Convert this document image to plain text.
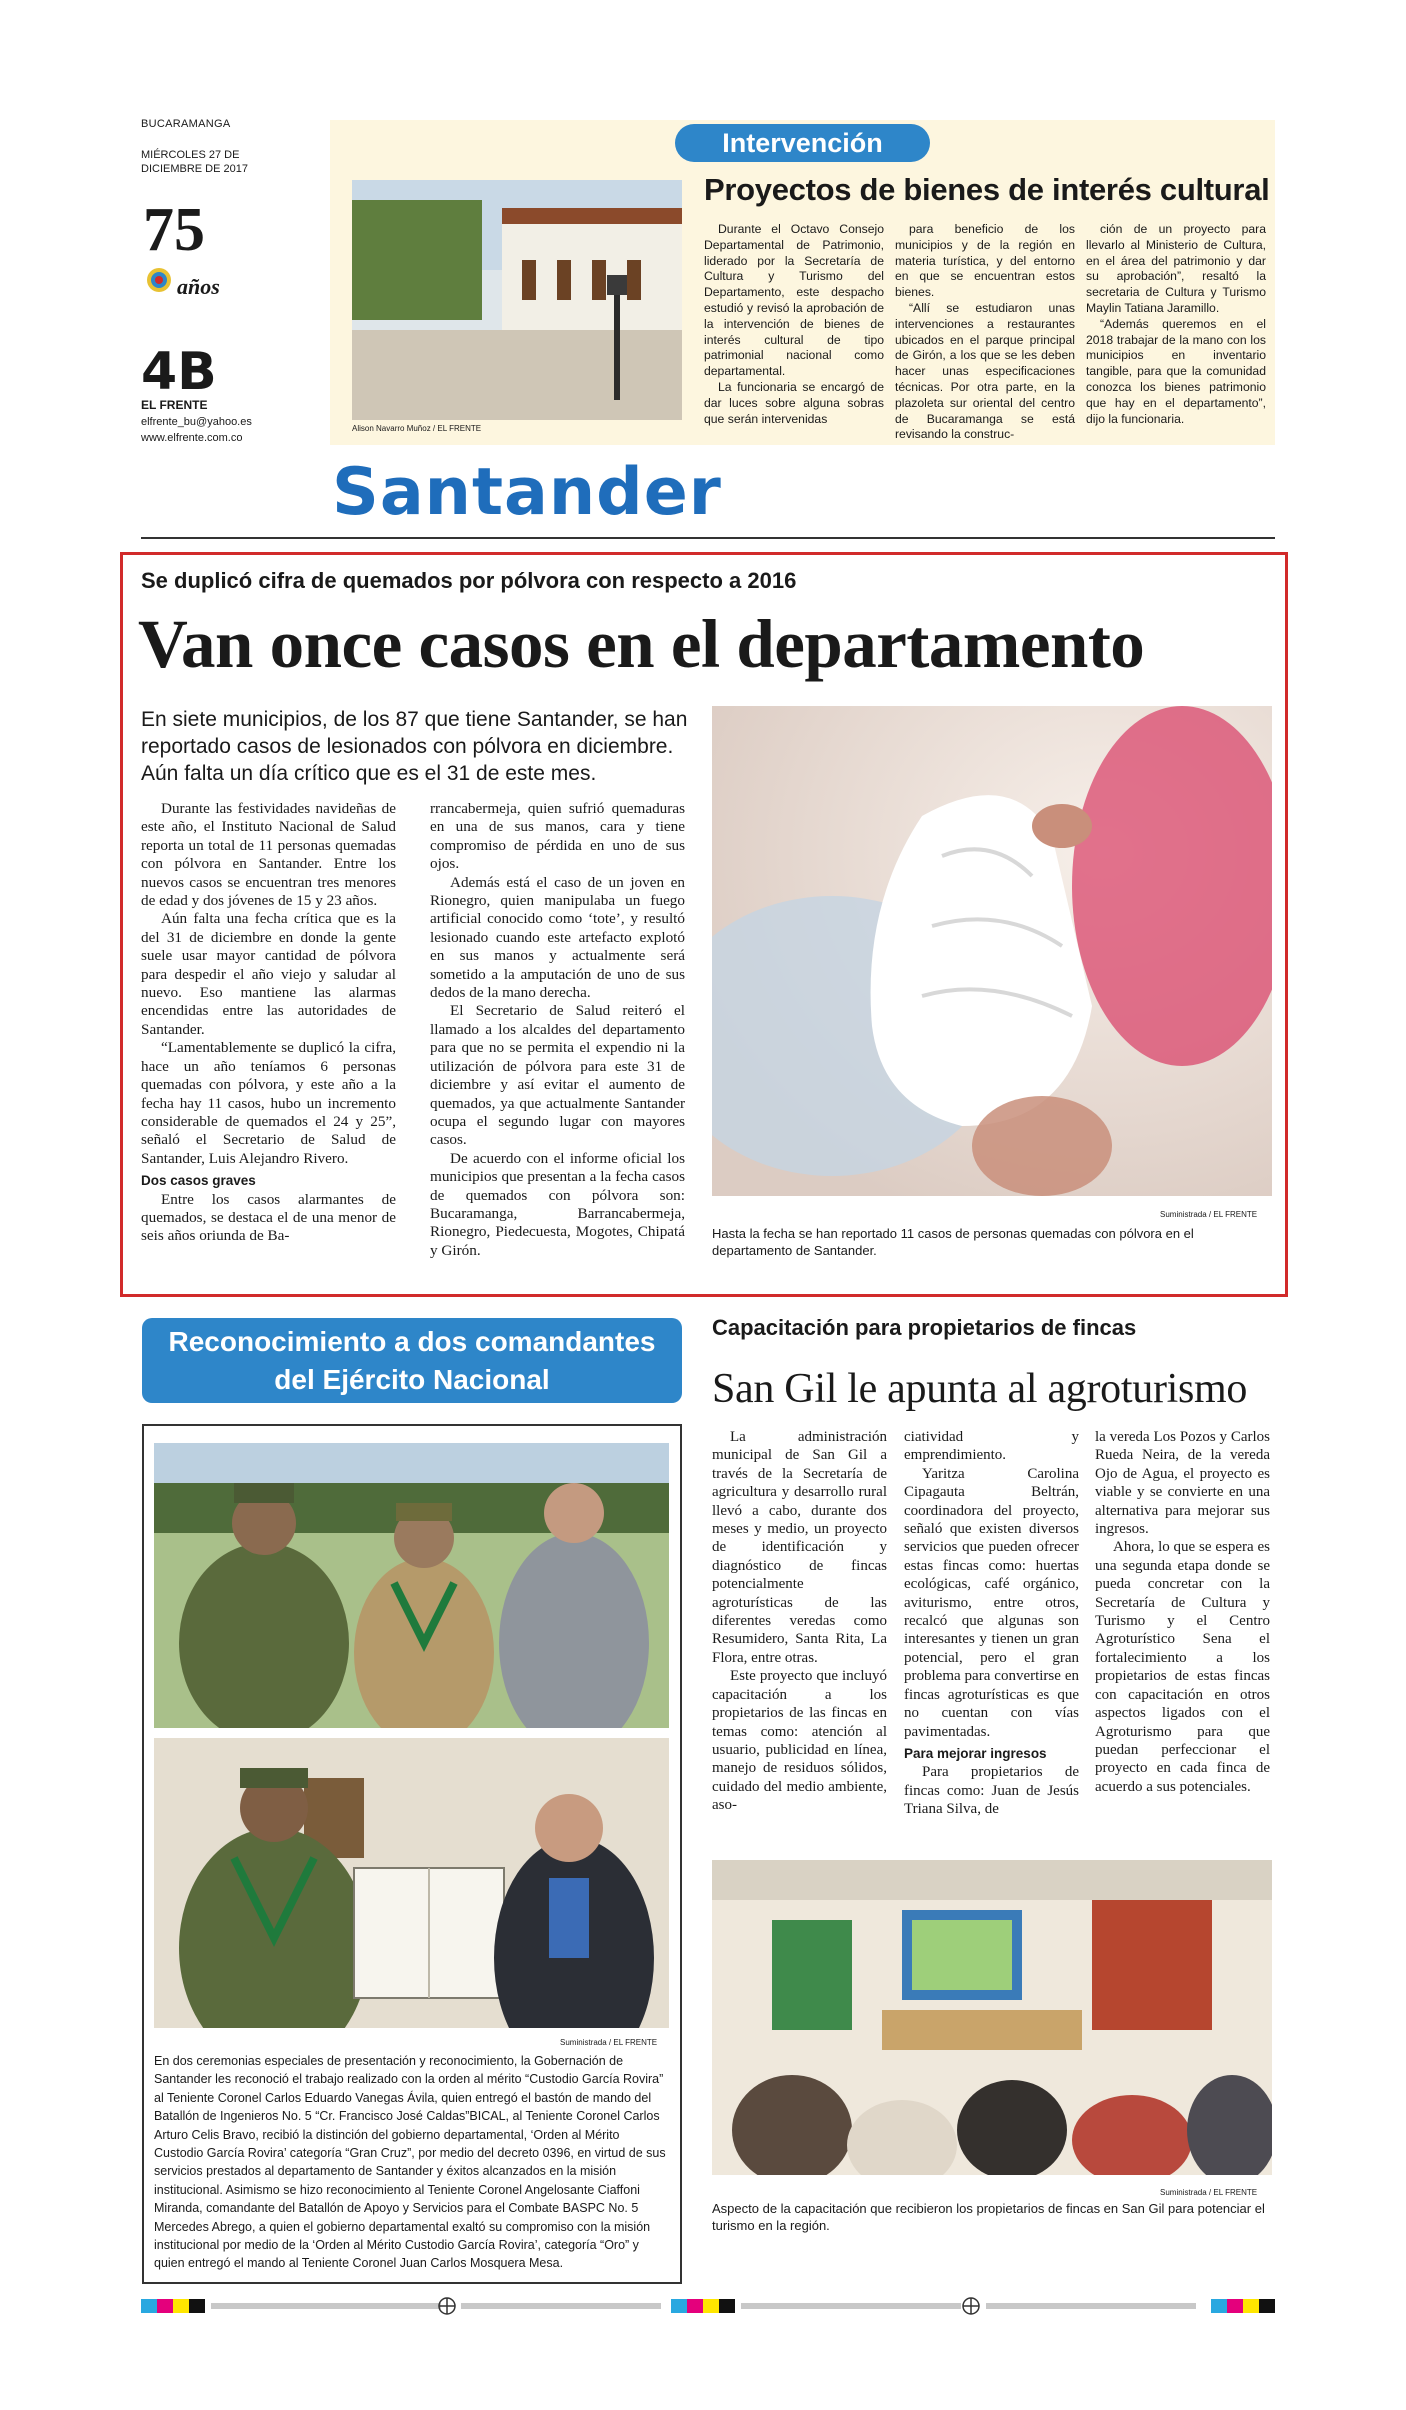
BUCARAMANGA
MIÉRCOLES 27 DE DICIEMBRE DE 2017
75
años
4B
EL FRENTE
elfrente_bu@yahoo.es
www.elfrente.com.co
Intervención
Alison Navarro Muñoz / EL FRENTE
Proyectos de bienes de interés cultural

Durante el Octavo Consejo Departamental de Patrimonio, liderado por la Secretaría de Cultura y Turismo del Departamento, este despacho estudió y revisó la aprobación de la intervención de bienes de interés cultural de tipo patrimonial nacional como departamental.

La funcionaria se encargó de dar luces sobre alguna sobras que serán intervenidas

para beneficio de los municipios y de la región en materia turística, y del entorno en que se encuentran estos bienes.

“Allí se estudiaron unas intervenciones a restaurantes ubicados en el parque principal de Girón, a los que se les deben hacer unas especificaciones técnicas. Por otra parte, en la plazoleta sur oriental del centro de Bucaramanga se está revisando la construc-

ción de un proyecto para llevarlo al Ministerio de Cultura, en el área del patrimonio y dar su aprobación”, resaltó la secretaria de Cultura y Turismo Maylin Tatiana Jaramillo.

“Además queremos en el 2018 trabajar de la mano con los municipios en inventario tangible, para que la comunidad conozca los bienes patrimonio que hay en el departamento”, dijo la funcionaria.

Santander
Se duplicó cifra de quemados por pólvora con respecto a 2016
Van once casos en el departamento
En siete municipios, de los 87 que tiene Santander, se han reportado casos de lesionados con pólvora en diciembre. Aún falta un día crítico que es el 31 de este mes.

Durante las festividades navideñas de este año, el Instituto Nacional de Salud reporta un total de 11 personas quemadas con pólvora en Santander. Entre los nuevos casos se encuentran tres menores de edad y dos jóvenes de 15 y 23 años.

Aún falta una fecha crítica que es la del 31 de diciembre en donde la gente suele usar mayor cantidad de pólvora para despedir el año viejo y saludar al nuevo. Eso mantiene las alarmas encendidas entre las autoridades de Santander.

“Lamentablemente se duplicó la cifra, hace un año teníamos 6 personas quemadas con pólvora, y este año a la fecha hay 11 casos, hubo un incremento considerable de quemados el 24 y 25”, señaló el Secretario de Salud de Santander, Luis Alejandro Rivero.

Dos casos graves

Entre los casos alarmantes de quemados, se destaca el de una menor de seis años oriunda de Ba-

rrancabermeja, quien sufrió quemaduras en una de sus manos, cara y tiene compromiso de pérdida en uno de sus ojos.

Además está el caso de un joven en Rionegro, quien manipulaba un fuego artificial conocido como ‘tote’, y resultó lesionado cuando este artefacto explotó en sus manos y actualmente será sometido a la amputación de uno de sus dedos de la mano derecha.

El Secretario de Salud reiteró el llamado a los alcaldes del departamento para que no se permita el expendio ni la utilización de pólvora para este 31 de diciembre y así evitar el aumento de quemados, ya que actualmente Santander ocupa el segundo lugar con mayores casos.

De acuerdo con el informe oficial los municipios que presentan a la fecha casos de quemados con pólvora son: Bucaramanga, Barrancabermeja, Rionegro, Piedecuesta, Mogotes, Chipatá y Girón.

Suministrada / EL FRENTE
Hasta la fecha se han reportado 11 casos de personas quemadas con pólvora en el departamento de Santander.
Reconocimiento a dos comandantes
del Ejército Nacional
Suministrada / EL FRENTE
En dos ceremonias especiales de presentación y reconocimiento, la Gobernación de Santander les reconoció el trabajo realizado con la orden al mérito “Custodio García Rovira” al Teniente Coronel Carlos Eduardo Vanegas Ávila, quien entregó el bastón de mando del Batallón de Ingenieros No. 5 “Cr. Francisco José Caldas”BICAL, al Teniente Coronel Carlos Arturo Celis Bravo, recibió la distinción del gobierno departamental, ‘Orden al Mérito Custodio García Rovira’ categoría “Gran Cruz”, por medio del decreto 0396, en virtud de sus servicios prestados al departamento de Santander y éxitos alcanzados en la misión institucional. Asimismo se hizo reconocimiento al Teniente Coronel Angelosante Ciaffoni Miranda, comandante del Batallón de Apoyo y Servicios para el Combate BASPC No. 5 Mercedes Abrego, a quien el gobierno departamental exaltó su compromiso con la misión institucional por medio de la ‘Orden al Mérito Custodio García Rovira’, categoría “Oro” y quien entregó el mando al Teniente Coronel Juan Carlos Mosquera Mesa.
Capacitación para propietarios de fincas
San Gil le apunta al agroturismo

La administración municipal de San Gil a través de la Secretaría de agricultura y desarrollo rural llevó a cabo, durante dos meses y medio, un proyecto de identificación y diagnóstico de fincas potencialmente agroturísticas de las diferentes veredas como Resumidero, Santa Rita, La Flora, entre otras.

Este proyecto que incluyó capacitación a los propietarios de las fincas en temas como: atención al usuario, publicidad en línea, manejo de residuos sólidos, cuidado del medio ambiente, aso-

ciatividad y emprendimiento.

Yaritza Carolina Cipagauta Beltrán, coordinadora del proyecto, señaló que existen diversos servicios que pueden ofrecer estas fincas como: huertas ecológicas, café orgánico, aviturismo, entre otros, recalcó que algunas son interesantes y tienen un gran potencial, pero el gran problema para convertirse en fincas agroturísticas es que no cuentan con vías pavimentadas.

Para mejorar ingresos

Para propietarios de fincas como: Juan de Jesús Triana Silva, de

la vereda Los Pozos y Carlos Rueda Neira, de la vereda Ojo de Agua, el proyecto es viable y se convierte en una alternativa para mejorar sus ingresos.

Ahora, lo que se espera es una segunda etapa donde se pueda concretar con la Secretaría de Cultura y Turismo y el Centro Agroturístico Sena el fortalecimiento a los propietarios de estas fincas con capacitación en otros aspectos ligados con el Agroturismo para que puedan perfeccionar el proyecto en cada finca de acuerdo a sus potenciales.

Suministrada / EL FRENTE
Aspecto de la capacitación que recibieron los propietarios de fincas en San Gil para potenciar el turismo en la región.
